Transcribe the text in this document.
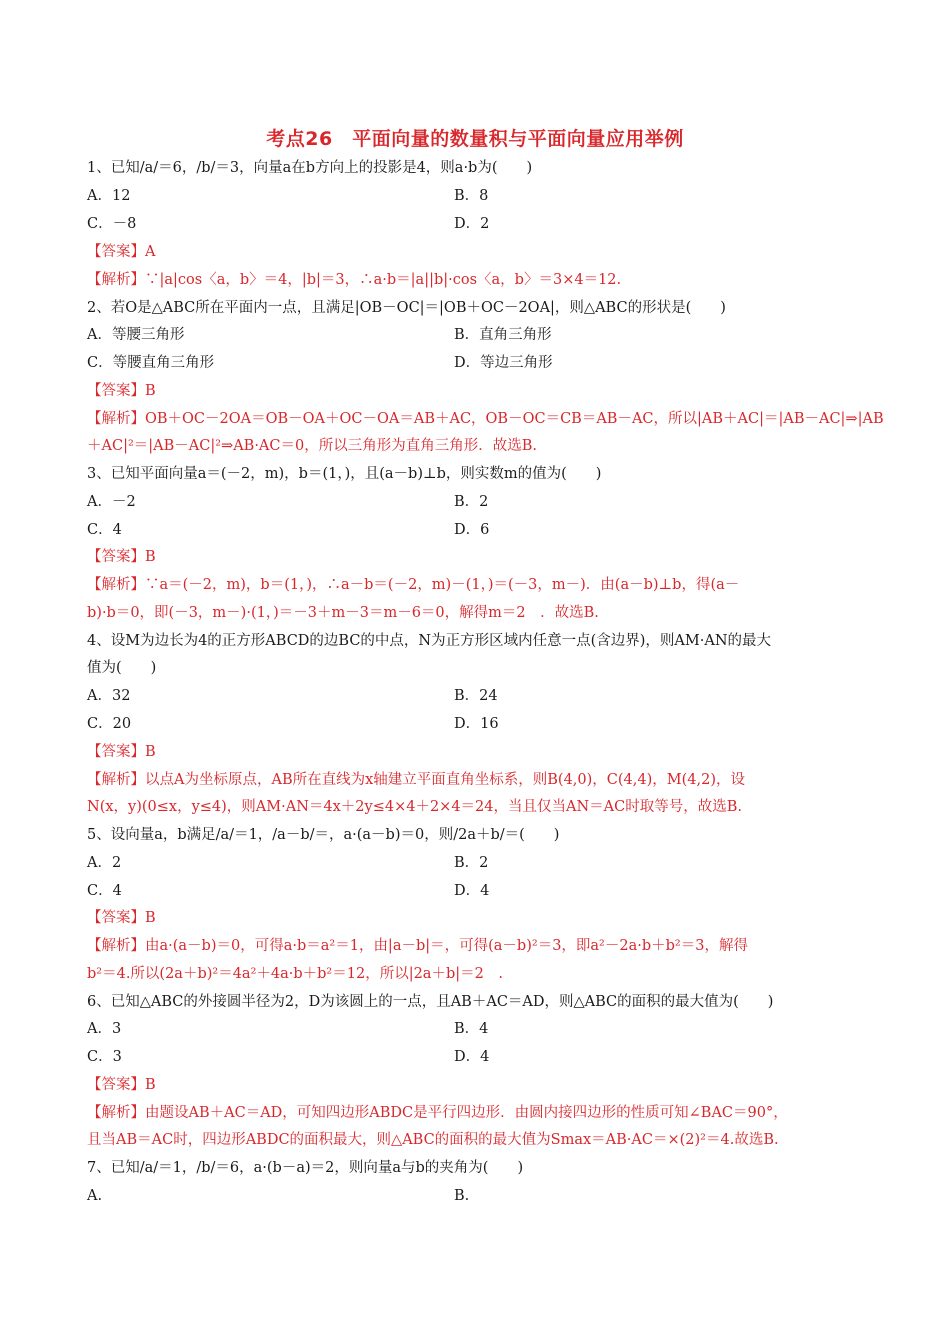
考点26　平面向量的数量积与平面向量应用举例
1、已知/a/＝6，/b/＝3，向量a在b方向上的投影是4，则a·b为(　　)
A．12	B．8
C．－8	D．2
【答案】A
【解析】∵|a|cos〈a，b〉＝4，|b|＝3，∴a·b＝|a||b|·cos〈a，b〉＝3×4＝12.
2、若O是△ABC所在平面内一点，且满足|OB－OC|＝|OB＋OC－2OA|，则△ABC的形状是(　　)
A．等腰三角形	B．直角三角形
C．等腰直角三角形	D．等边三角形
【答案】B
【解析】OB＋OC－2OA＝OB－OA＋OC－OA＝AB＋AC，OB－OC＝CB＝AB－AC，所以|AB＋AC|＝|AB－AC|⇒|AB
＋AC|²＝|AB－AC|²⇒AB·AC＝0，所以三角形为直角三角形．故选B.
3、已知平面向量a＝(－2，m)，b＝(1，)，且(a－b)⊥b，则实数m的值为(　　)
A．－2	B．2
C．4	D．6
【答案】B
【解析】∵a＝(－2，m)，b＝(1，)，∴a－b＝(－2，m)－(1，)＝(－3，m－)．由(a－b)⊥b，得(a－
b)·b＝0，即(－3，m－)·(1，)＝－3＋m－3＝m－6＝0，解得m＝2　．故选B.
4、设M为边长为4的正方形ABCD的边BC的中点，N为正方形区域内任意一点(含边界)，则AM·AN的最大
值为(　　)
A．32	B．24
C．20	D．16
【答案】B
【解析】以点A为坐标原点，AB所在直线为x轴建立平面直角坐标系，则B(4,0)，C(4,4)，M(4,2)，设
N(x，y)(0≤x，y≤4)，则AM·AN＝4x＋2y≤4×4＋2×4＝24，当且仅当AN＝AC时取等号，故选B.
5、设向量a，b满足/a/＝1，/a－b/＝，a·(a－b)＝0，则/2a＋b/＝(　　)
A．2	B．2
C．4	D．4
【答案】B
【解析】由a·(a－b)＝0，可得a·b＝a²＝1，由|a－b|＝，可得(a－b)²＝3，即a²－2a·b＋b²＝3，解得
b²＝4.所以(2a＋b)²＝4a²＋4a·b＋b²＝12，所以|2a＋b|＝2　.
6、已知△ABC的外接圆半径为2，D为该圆上的一点，且AB＋AC＝AD，则△ABC的面积的最大值为(　　)
A．3	B．4
C．3	D．4
【答案】B
【解析】由题设AB＋AC＝AD，可知四边形ABDC是平行四边形．由圆内接四边形的性质可知∠BAC＝90°，
且当AB＝AC时，四边形ABDC的面积最大，则△ABC的面积的最大值为Smax＝AB·AC＝×(2)²＝4.故选B.
7、已知/a/＝1，/b/＝6，a·(b－a)＝2，则向量a与b的夹角为(　　)
A.	B.
